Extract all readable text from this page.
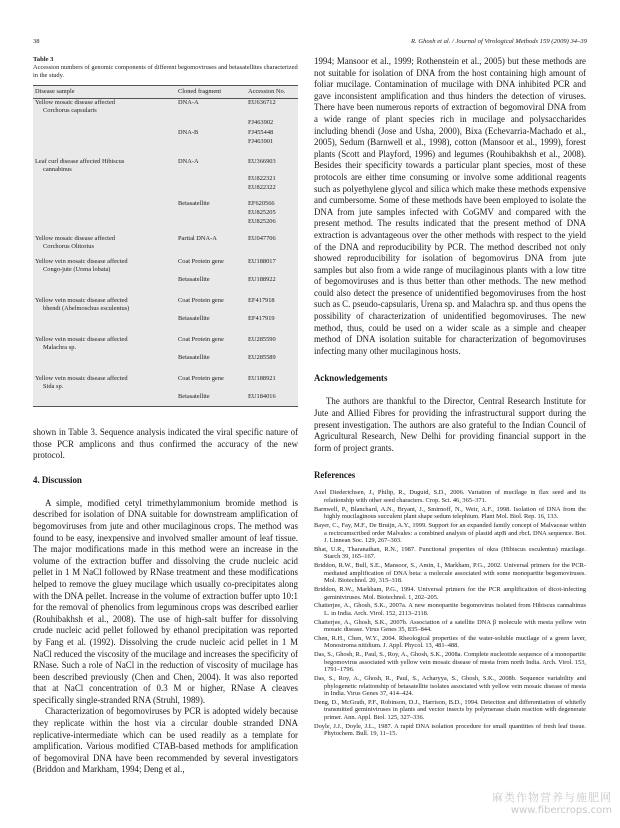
38	R. Ghosh et al. / Journal of Virological Methods 159 (2009) 34–39
Table 3
Accession numbers of genomic components of different begomoviruses and betasatellites characterized in the study.
Disease sample	Cloned fragment	Accession No.
Yellow mosaic disease affected
Corchorus capsularis
DNA-A	EU636712
FJ463902
DNA-B	FJ455448
FJ463901
Leaf curl disease affected Hibiscus
cannabinus
DNA-A	EU366903
EU822321
EU822322
Betasatellite	EF620566
EU825205
EU825206
Yellow mosaic disease affected
Corchorus Olitorius
Partial DNA-A	EU047706
Yellow vein mosaic disease affected
Congo-jute (Urena lobata)
Coat Protein gene	EU188017
Betasatellite	EU188922
Yellow vein mosaic disease affected
bhendi (Abelmoschus esculentus)
Coat Protein gene	EF417918
Betasatellite	EF417919
Yellow vein mosaic disease affected
Malachra sp.
Coat Protein gene	EU285590
Betasatellite	EU285589
Yellow vein mosaic disease affected
Sida sp.
Coat Protein gene	EU188921
Betasatellite	EU184016

shown in Table 3. Sequence analysis indicated the viral specific nature of those PCR amplicons and thus confirmed the accuracy of the new protocol.

4. Discussion

A simple, modified cetyl trimethylammonium bromide method is described for isolation of DNA suitable for downstream amplification of begomoviruses from jute and other mucilaginous crops. The method was found to be easy, inexpensive and involved smaller amount of leaf tissue. The major modifications made in this method were an increase in the volume of the extraction buffer and dissolving the crude nucleic acid pellet in 1 M NaCl followed by RNase treatment and these modifications helped to remove the gluey mucilage which usually co-precipitates along with the DNA pellet. Increase in the volume of extraction buffer upto 10:1 for the removal of phenolics from leguminous crops was described earlier (Rouhibakhsh et al., 2008). The use of high-salt buffer for dissolving crude nucleic acid pellet followed by ethanol precipitation was reported by Fang et al. (1992). Dissolving the crude nucleic acid pellet in 1 M NaCl reduced the viscosity of the mucilage and increases the specificity of RNase. Such a role of NaCl in the reduction of viscosity of mucilage has been described previously (Chen and Chen, 2004). It was also reported that at NaCl concentration of 0.3 M or higher, RNase A cleaves specifically single-stranded RNA (Struhl, 1989).

Characterization of begomoviruses by PCR is adopted widely because they replicate within the host via a circular double stranded DNA replicative-intermediate which can be used readily as a template for amplification. Various modified CTAB-based methods for amplification of begomoviral DNA have been recommended by several investigators (Briddon and Markham, 1994; Deng et al.,

1994; Mansoor et al., 1999; Rothenstein et al., 2005) but these methods are not suitable for isolation of DNA from the host containing high amount of foliar mucilage. Contamination of mucilage with DNA inhibited PCR and gave inconsistent amplification and thus hinders the detection of viruses. There have been numerous reports of extraction of begomoviral DNA from a wide range of plant species rich in mucilage and polysaccharides including bhendi (Jose and Usha, 2000), Bixa (Echevarria-Machado et al., 2005), Sedum (Barnwell et al., 1998), cotton (Mansoor et al., 1999), forest plants (Scott and Playford, 1996) and legumes (Rouhibakhsh et al., 2008). Besides their specificity towards a particular plant species, most of these protocols are either time consuming or involve some additional reagents such as polyethylene glycol and silica which make these methods expensive and cumbersome. Some of these methods have been employed to isolate the DNA from jute samples infected with CoGMV and compared with the present method. The results indicated that the present method of DNA extraction is advantageous over the other methods with respect to the yield of the DNA and reproducibility by PCR. The method described not only showed reproducibility for isolation of begomovirus DNA from jute samples but also from a wide range of mucilaginous plants with a low titre of begomoviruses and is thus better than other methods. The new method could also detect the presence of unidentified begomoviruses from the host such as C. pseudo-capsularis, Urena sp. and Malachra sp. and thus opens the possibility of characterization of unidentified begomoviruses. The new method, thus, could be used on a wider scale as a simple and cheaper method of DNA isolation suitable for characterization of begomoviruses infecting many other mucilaginous hosts.

Acknowledgements

The authors are thankful to the Director, Central Research Institute for Jute and Allied Fibres for providing the infrastructural support during the present investigation. The authors are also grateful to the Indian Council of Agricultural Research, New Delhi for providing financial support in the form of project grants.

References
Axel Diederichsen, J., Philip, R., Duguid, S.D., 2006. Variation of mucilage in flax seed and its relationship with other seed characters. Crop. Sci. 46, 365–371.
Barnwell, P., Blanchard, A.N., Bryant, J., Smirnoff, N., Weir, A.F., 1998. Isolation of DNA from the highly mucilaginous succulent plant shape sedum telephium. Plant Mol. Biol. Rep. 16, 133.
Bayer, C., Fay, M.F., De Bruijn, A.Y., 1999. Support for an expanded family concept of Malvaceae within a recircumscribed order Malvales: a combined analysis of plastid atpB and rbcL DNA sequence. Bot. J. Linnean Soc. 129, 267–303.
Bhat, U.R., Tharanathan, R.N., 1987. Functional properties of okra (Hibiscus esculentus) mucilage. Starch 39, 165–167.
Briddon, R.W., Bull, S.E., Mansoor, S., Amin, I., Markham, P.G., 2002. Universal primers for the PCR-mediated amplification of DNA beta: a molecule associated with some monopartite begomoviruses. Mol. Biotechnol. 20, 315–318.
Briddon, R.W., Markham, P.G., 1994. Universal primers for the PCR amplification of dicot-infecting geminiviruses. Mol. Biotechnol. 1, 202–205.
Chatterjee, A., Ghosh, S.K., 2007a. A new monopartite begomovirus isolated from Hibiscus cannabinus L. in India. Arch. Virol. 152, 2113–2118.
Chatterjee, A., Ghosh, S.K., 2007b. Association of a satellite DNA β molecule with mesta yellow vein mosaic disease. Virus Genes 35, 835–844.
Chen, R.H., Chen, W.Y., 2004. Rheological properties of the water-soluble mucilage of a green laver, Monostroma nitidium. J. Appl. Phycol. 13, 481–488.
Das, S., Ghosh, R., Paul, S., Roy, A., Ghosh, S.K., 2008a. Complete nucleotide sequence of a monopartite begomovirus associated with yellow vein mosaic disease of mesta from north India. Arch. Virol. 153, 1791–1796.
Das, S., Roy, A., Ghosh, R., Paul, S., Acharyya, S., Ghosh, S.K., 2008b. Sequence variability and phylogenetic relationship of betasatellite isolates associated with yellow vein mosaic disease of mesta in India. Virus Genes 37, 414–424.
Deng, D., McGrath, P.F., Robinson, D.J., Harrison, B.D., 1994. Detection and differentiation of whitefly transmitted geminiviruses in plants and vector insects by polymerase chain reaction with degenerate primer. Ann. Appl. Biol. 125, 327–336.
Doyle, J.J., Doyle, J.L., 1987. A rapid DNA isolation procedure for small quantities of fresh leaf tissue. Phytochem. Bull. 19, 11–15.
麻类作物营养与施肥网
www.fibercrops.com
